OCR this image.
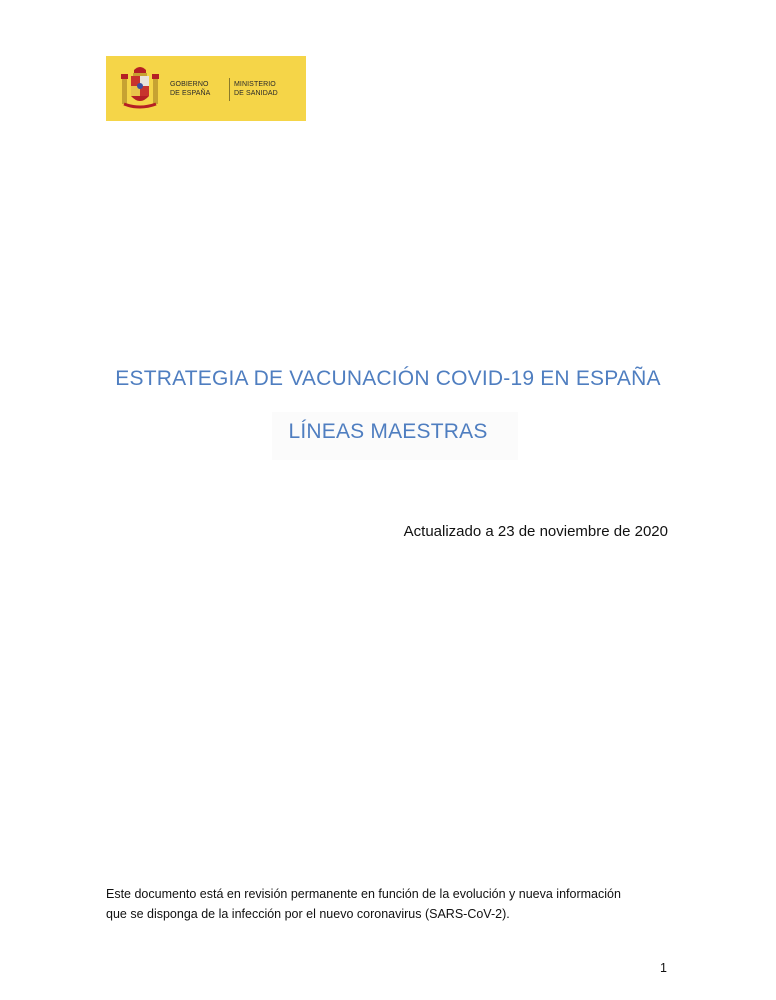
GOBIERNO
DE ESPAÑA
MINISTERIO
DE SANIDAD
ESTRATEGIA DE VACUNACIÓN COVID-19 EN ESPAÑA
LÍNEAS MAESTRAS
Actualizado a 23 de noviembre de 2020
Este documento está en revisión permanente en función de la evolución y nueva información
que se disponga de la infección por el nuevo coronavirus (SARS-CoV-2).
1
